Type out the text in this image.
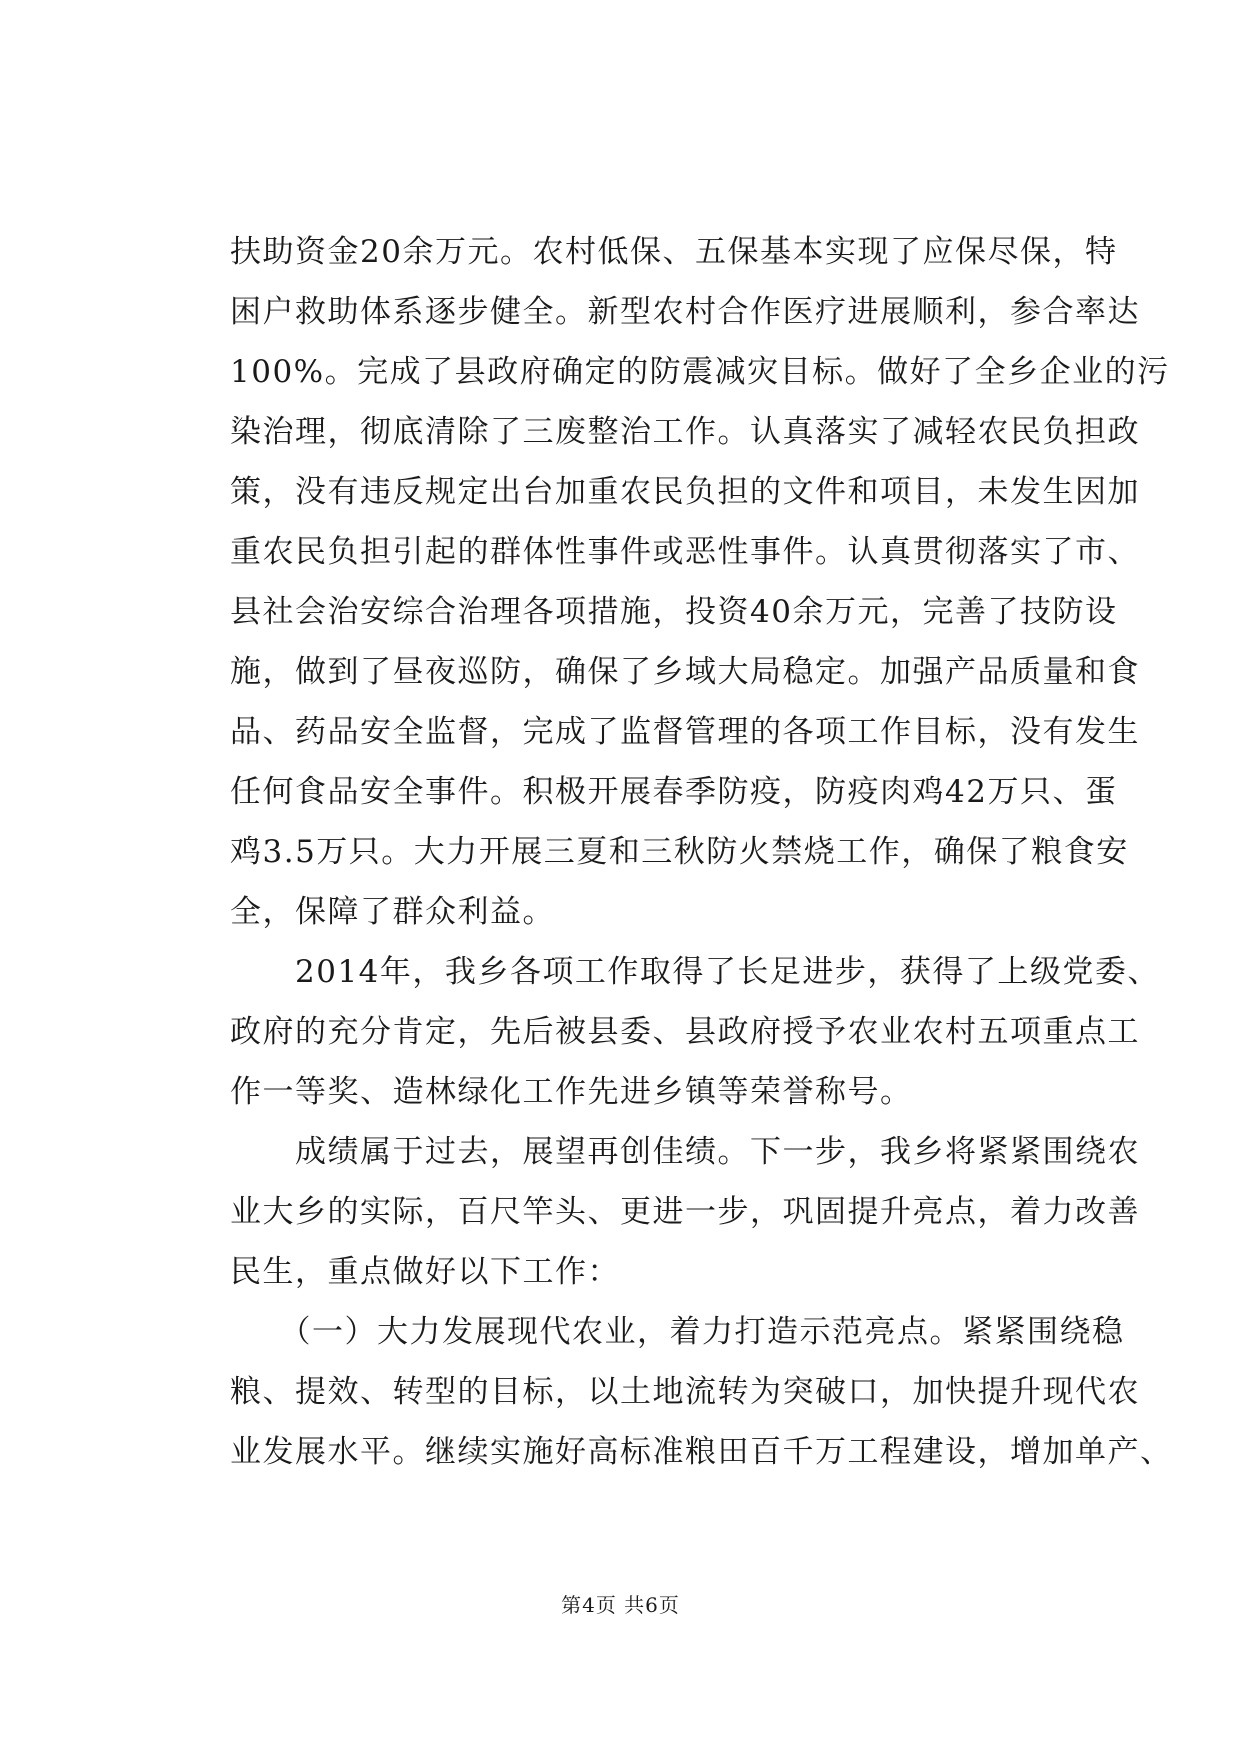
扶助资金20余万元。农村低保、五保基本实现了应保尽保，特
困户救助体系逐步健全。新型农村合作医疗进展顺利，参合率达
100%。完成了县政府确定的防震减灾目标。做好了全乡企业的污
染治理，彻底清除了三废整治工作。认真落实了减轻农民负担政
策，没有违反规定出台加重农民负担的文件和项目，未发生因加
重农民负担引起的群体性事件或恶性事件。认真贯彻落实了市、
县社会治安综合治理各项措施，投资40余万元，完善了技防设
施，做到了昼夜巡防，确保了乡域大局稳定。加强产品质量和食
品、药品安全监督，完成了监督管理的各项工作目标，没有发生
任何食品安全事件。积极开展春季防疫，防疫肉鸡42万只、蛋
鸡3.5万只。大力开展三夏和三秋防火禁烧工作，确保了粮食安
全，保障了群众利益。
　　2014年，我乡各项工作取得了长足进步，获得了上级党委、
政府的充分肯定，先后被县委、县政府授予农业农村五项重点工
作一等奖、造林绿化工作先进乡镇等荣誉称号。
　　成绩属于过去，展望再创佳绩。下一步，我乡将紧紧围绕农
业大乡的实际，百尺竿头、更进一步，巩固提升亮点，着力改善
民生，重点做好以下工作：
　　（一）大力发展现代农业，着力打造示范亮点。紧紧围绕稳
粮、提效、转型的目标，以土地流转为突破口，加快提升现代农
业发展水平。继续实施好高标准粮田百千万工程建设，增加单产、
第4页 共6页
